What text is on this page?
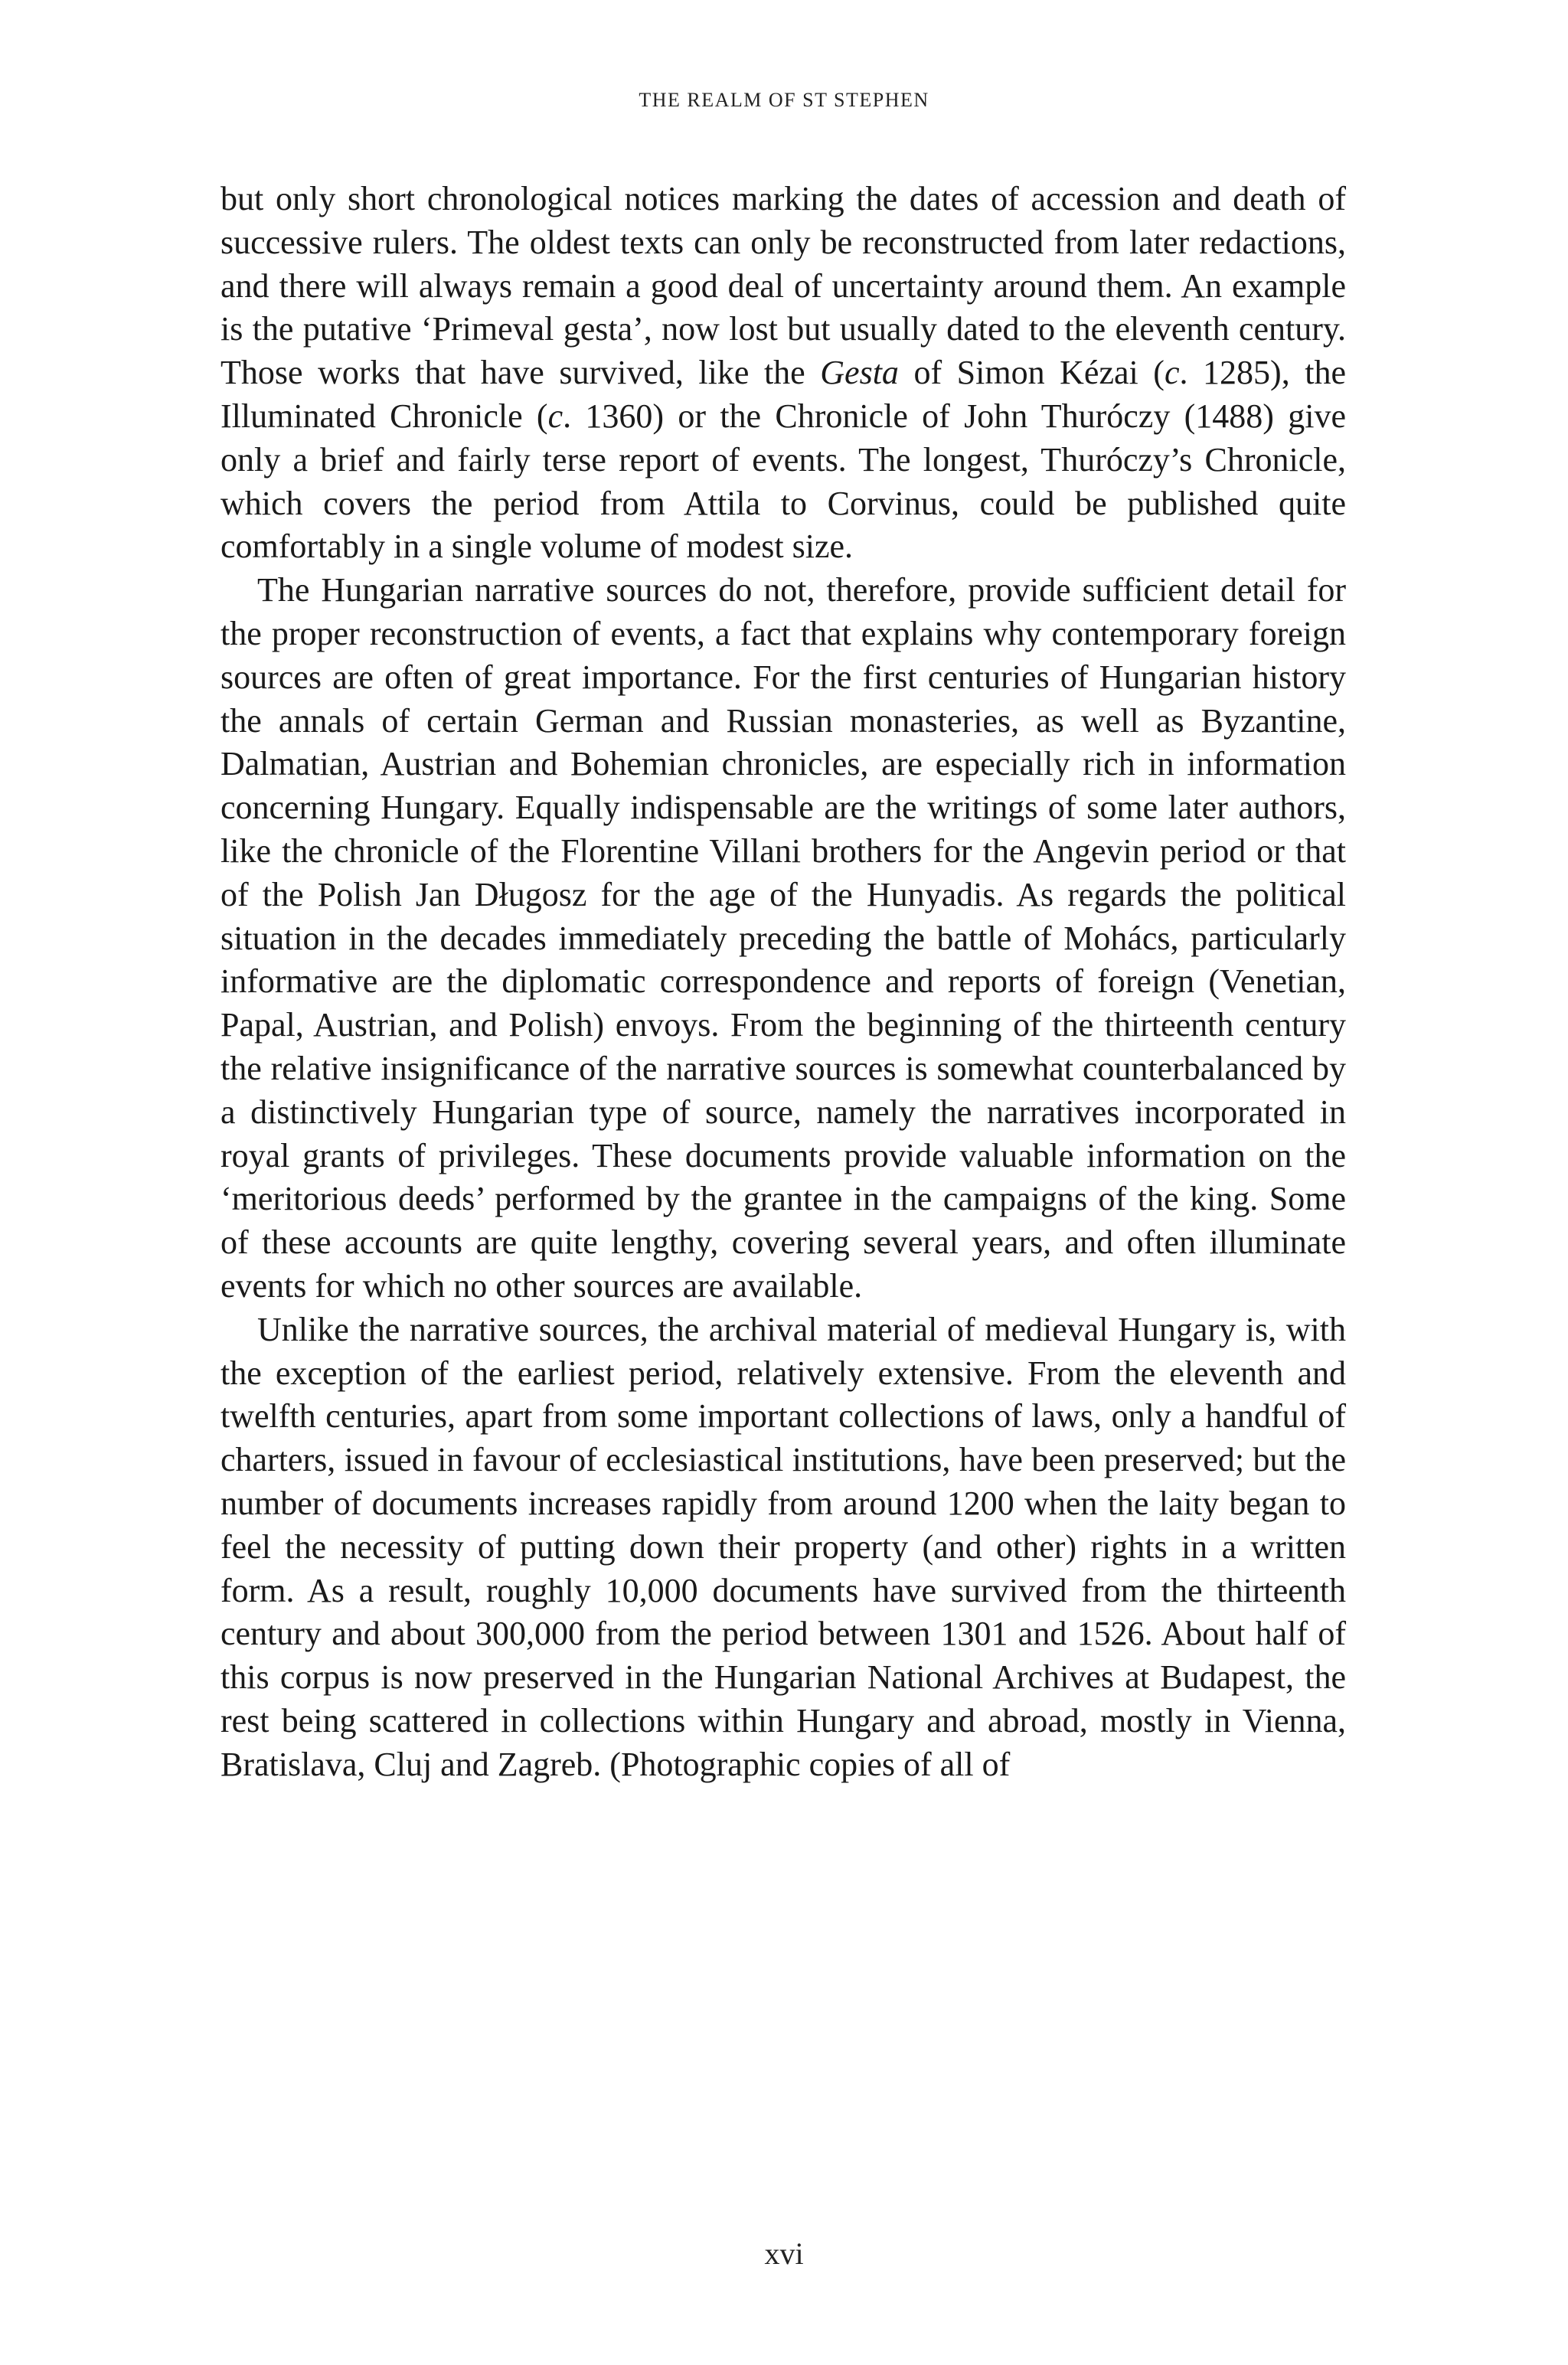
THE REALM OF ST STEPHEN

but only short chronological notices marking the dates of accession and death of successive rulers. The oldest texts can only be reconstructed from later redactions, and there will always remain a good deal of uncertainty around them. An example is the putative ‘Primeval gesta’, now lost but usually dated to the eleventh century. Those works that have survived, like the Gesta of Simon Kézai (c. 1285), the Illuminated Chronicle (c. 1360) or the Chronicle of John Thuróczy (1488) give only a brief and fairly terse report of events. The longest, Thuróczy’s Chronicle, which covers the period from Attila to Corvinus, could be published quite comfortably in a single volume of modest size.

The Hungarian narrative sources do not, therefore, provide sufficient detail for the proper reconstruction of events, a fact that explains why contemporary foreign sources are often of great importance. For the first centuries of Hungarian history the annals of certain German and Russian monasteries, as well as Byzantine, Dalmatian, Austrian and Bohemian chronicles, are especially rich in information concerning Hungary. Equally indispensable are the writings of some later authors, like the chronicle of the Florentine Villani brothers for the Angevin period or that of the Polish Jan Długosz for the age of the Hunyadis. As regards the political situation in the decades immediately preceding the battle of Mohács, particularly informative are the diplomatic correspondence and reports of foreign (Venetian, Papal, Austrian, and Polish) envoys. From the beginning of the thirteenth century the relative insignificance of the narrative sources is somewhat counterbalanced by a distinctively Hungarian type of source, namely the narratives incorporated in royal grants of privileges. These documents provide valuable information on the ‘meritorious deeds’ performed by the grantee in the campaigns of the king. Some of these accounts are quite lengthy, covering several years, and often illuminate events for which no other sources are available.

Unlike the narrative sources, the archival material of medieval Hungary is, with the exception of the earliest period, relatively extensive. From the eleventh and twelfth centuries, apart from some important collections of laws, only a handful of charters, issued in favour of ecclesiastical institutions, have been preserved; but the number of documents increases rapidly from around 1200 when the laity began to feel the necessity of putting down their property (and other) rights in a written form. As a result, roughly 10,000 documents have survived from the thirteenth century and about 300,000 from the period between 1301 and 1526. About half of this corpus is now preserved in the Hungarian National Archives at Budapest, the rest being scattered in collections within Hungary and abroad, mostly in Vienna, Bratislava, Cluj and Zagreb. (Photographic copies of all of

xvi
